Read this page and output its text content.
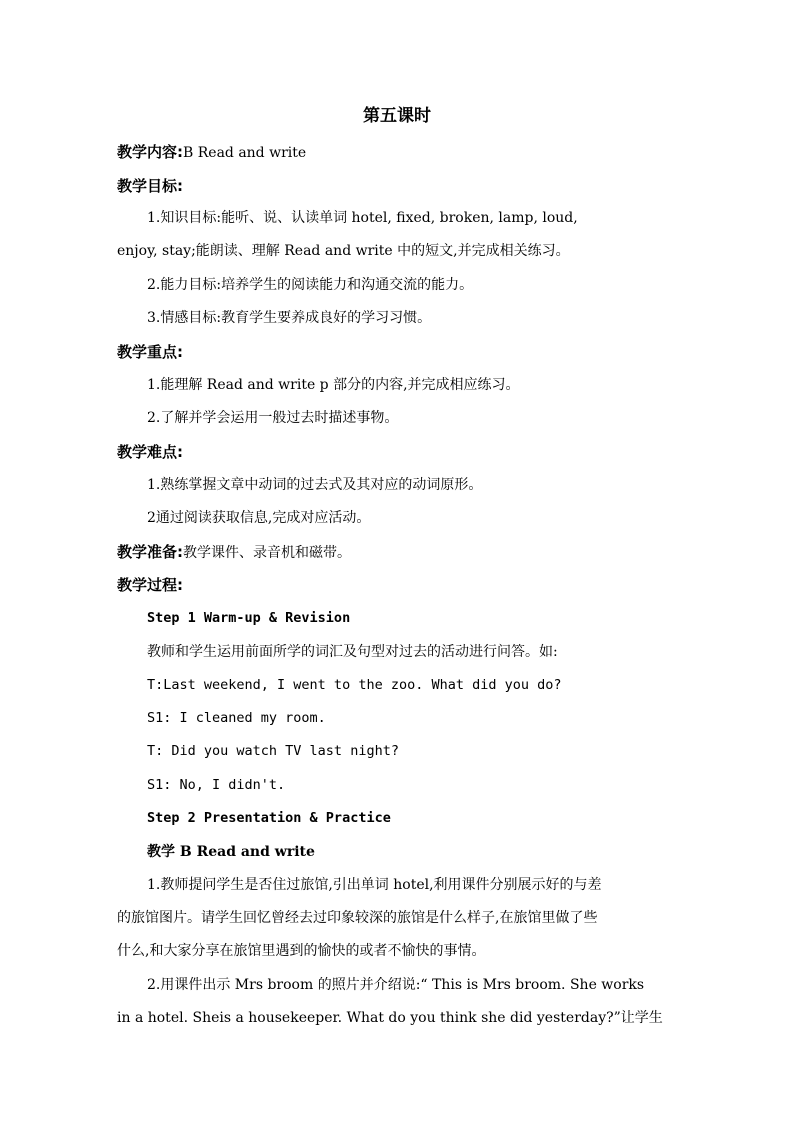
第五课时
教学内容:B Read and write
教学目标:
1.知识目标:能听、说、认读单词 hotel, fixed, broken, lamp, loud,
enjoy, stay;能朗读、理解 Read and write 中的短文,并完成相关练习。
2.能力目标:培养学生的阅读能力和沟通交流的能力。
3.情感目标:教育学生要养成良好的学习习惯。
教学重点:
1.能理解 Read and write p 部分的内容,并完成相应练习。
2.了解并学会运用一般过去时描述事物。
教学难点:
1.熟练掌握文章中动词的过去式及其对应的动词原形。
2通过阅读获取信息,完成对应活动。
教学准备:教学课件、录音机和磁带。
教学过程:
Step 1 Warm-up & Revision
教师和学生运用前面所学的词汇及句型对过去的活动进行问答。如:
T:Last weekend, I went to the zoo. What did you do?
S1: I cleaned my room.
T: Did you watch TV last night?
S1: No, I didn't.
Step 2 Presentation & Practice
教学 B Read and write
1.教师提问学生是否住过旅馆,引出单词 hotel,利用课件分别展示好的与差
的旅馆图片。请学生回忆曾经去过印象较深的旅馆是什么样子,在旅馆里做了些
什么,和大家分享在旅馆里遇到的愉快的或者不愉快的事情。
2.用课件出示 Mrs broom 的照片并介绍说:“ This is Mrs broom. She works
in a hotel. Sheis a housekeeper. What do you think she did yesterday?”让学生
